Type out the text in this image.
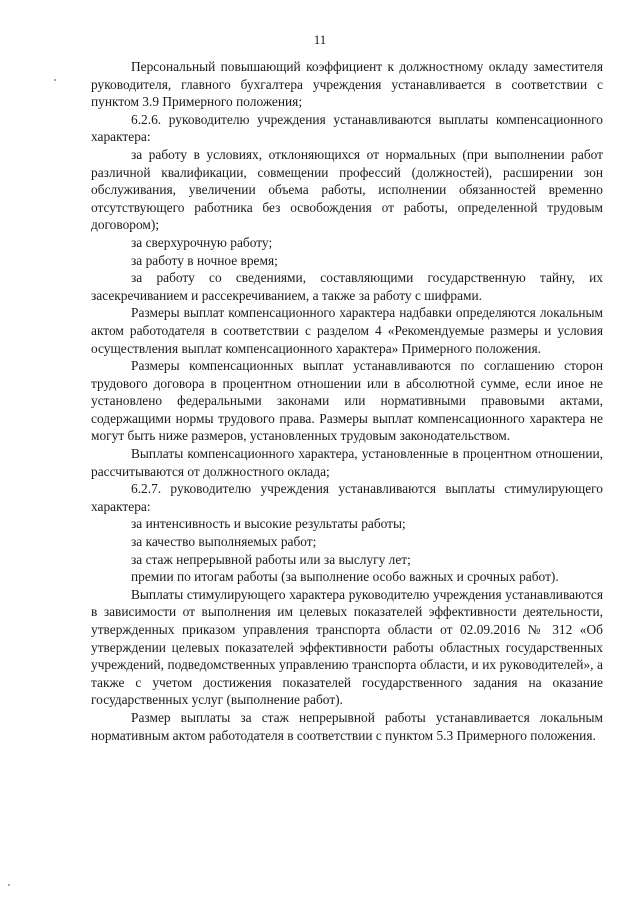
11

Персональный повышающий коэффициент к должностному окладу заместителя руководителя, главного бухгалтера учреждения устанавливается в соответствии с пунктом 3.9 Примерного положения;

6.2.6. руководителю учреждения устанавливаются выплаты компенсационного характера:

за работу в условиях, отклоняющихся от нормальных (при выполнении работ различной квалификации, совмещении профессий (должностей), расширении зон обслуживания, увеличении объема работы, исполнении обязанностей временно отсутствующего работника без освобождения от работы, определенной трудовым договором);

за сверхурочную работу;

за работу в ночное время;

за работу со сведениями, составляющими государственную тайну, их засекречиванием и рассекречиванием, а также за работу с шифрами.

Размеры выплат компенсационного характера надбавки определяются локальным актом работодателя в соответствии с разделом 4 «Рекомендуемые размеры и условия осуществления выплат компенсационного характера» Примерного положения.

Размеры компенсационных выплат устанавливаются по соглашению сторон трудового договора в процентном отношении или в абсолютной сумме, если иное не установлено федеральными законами или нормативными правовыми актами, содержащими нормы трудового права. Размеры выплат компенсационного характера не могут быть ниже размеров, установленных трудовым законодательством.

Выплаты компенсационного характера, установленные в процентном отношении, рассчитываются от должностного оклада;

6.2.7. руководителю учреждения устанавливаются выплаты стимулирующего характера:

за интенсивность и высокие результаты работы;

за качество выполняемых работ;

за стаж непрерывной работы или за выслугу лет;

премии по итогам работы (за выполнение особо важных и срочных работ).

Выплаты стимулирующего характера руководителю учреждения устанавливаются в зависимости от выполнения им целевых показателей эффективности деятельности, утвержденных приказом управления транспорта области от 02.09.2016 № 312 «Об утверждении целевых показателей эффективности работы областных государственных учреждений, подведомственных управлению транспорта области, и их руководителей», а также с учетом достижения показателей государственного задания на оказание государственных услуг (выполнение работ).

Размер выплаты за стаж непрерывной работы устанавливается локальным нормативным актом работодателя в соответствии с пунктом 5.3 Примерного положения.
